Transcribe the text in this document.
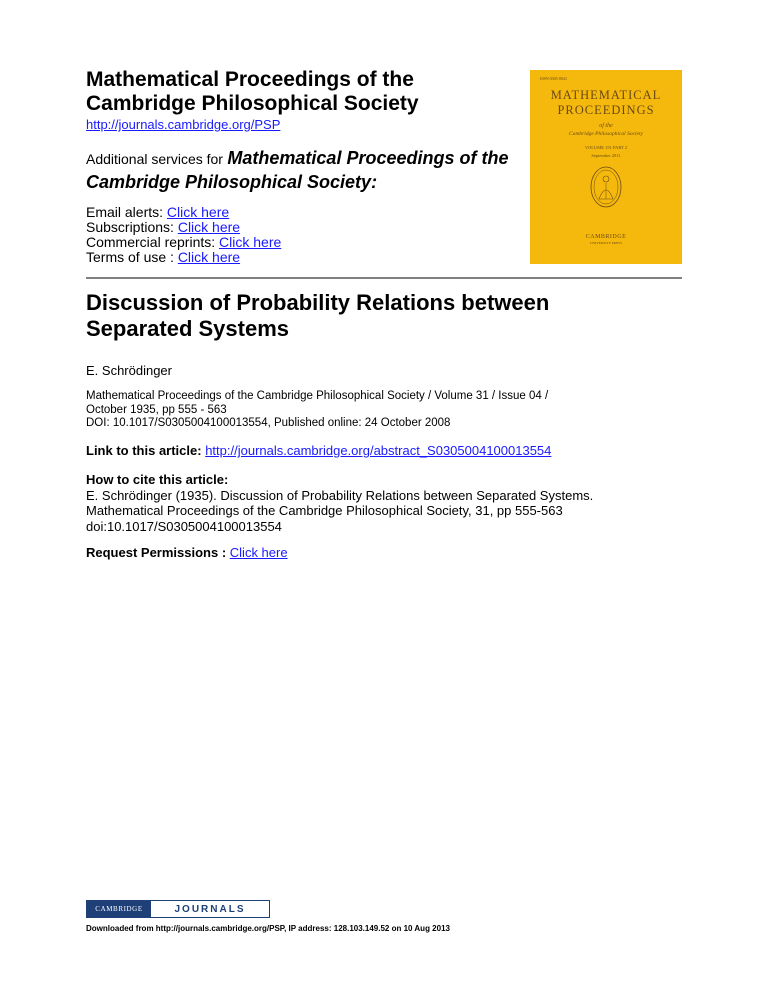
Mathematical Proceedings of the Cambridge Philosophical Society
http://journals.cambridge.org/PSP
Additional services for Mathematical Proceedings of the Cambridge Philosophical Society:
Email alerts: Click here
Subscriptions: Click here
Commercial reprints: Click here
Terms of use : Click here
ISSN 0305-0041
MATHEMATICAL
PROCEEDINGS
of the
Cambridge Philosophical Society
VOLUME 151 PART 2
September 2011
CAMBRIDGE
UNIVERSITY PRESS
Discussion of Probability Relations between Separated Systems
E. Schrödinger
Mathematical Proceedings of the Cambridge Philosophical Society / Volume 31 / Issue 04 /
October 1935, pp 555 - 563
DOI: 10.1017/S0305004100013554, Published online: 24 October 2008
Link to this article: http://journals.cambridge.org/abstract_S0305004100013554
How to cite this article:
E. Schrödinger (1935). Discussion of Probability Relations between Separated Systems.
Mathematical Proceedings of the Cambridge Philosophical Society, 31, pp 555-563
doi:10.1017/S0305004100013554
Request Permissions : Click here
CAMBRIDGE	JOURNALS
Downloaded from http://journals.cambridge.org/PSP, IP address: 128.103.149.52 on 10 Aug 2013
